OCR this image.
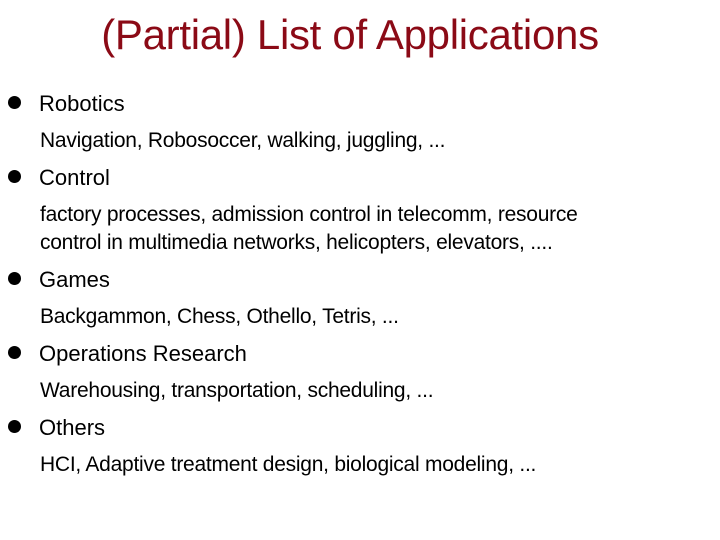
(Partial) List of Applications
Robotics
Navigation, Robosoccer, walking, juggling, ...
Control
factory processes, admission control in telecomm, resource
control in multimedia networks, helicopters, elevators, ....
Games
Backgammon, Chess, Othello, Tetris, ...
Operations Research
Warehousing, transportation, scheduling, ...
Others
HCI, Adaptive treatment design, biological modeling, ...
